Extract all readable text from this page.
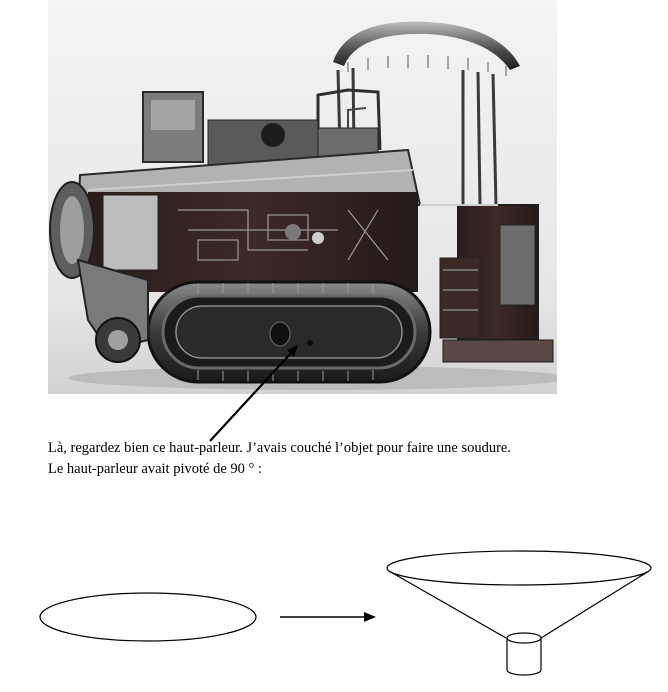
Là, regardez bien ce haut-parleur. J’avais couché l’objet pour faire une soudure.

Le haut-parleur avait pivoté de 90 ° :
